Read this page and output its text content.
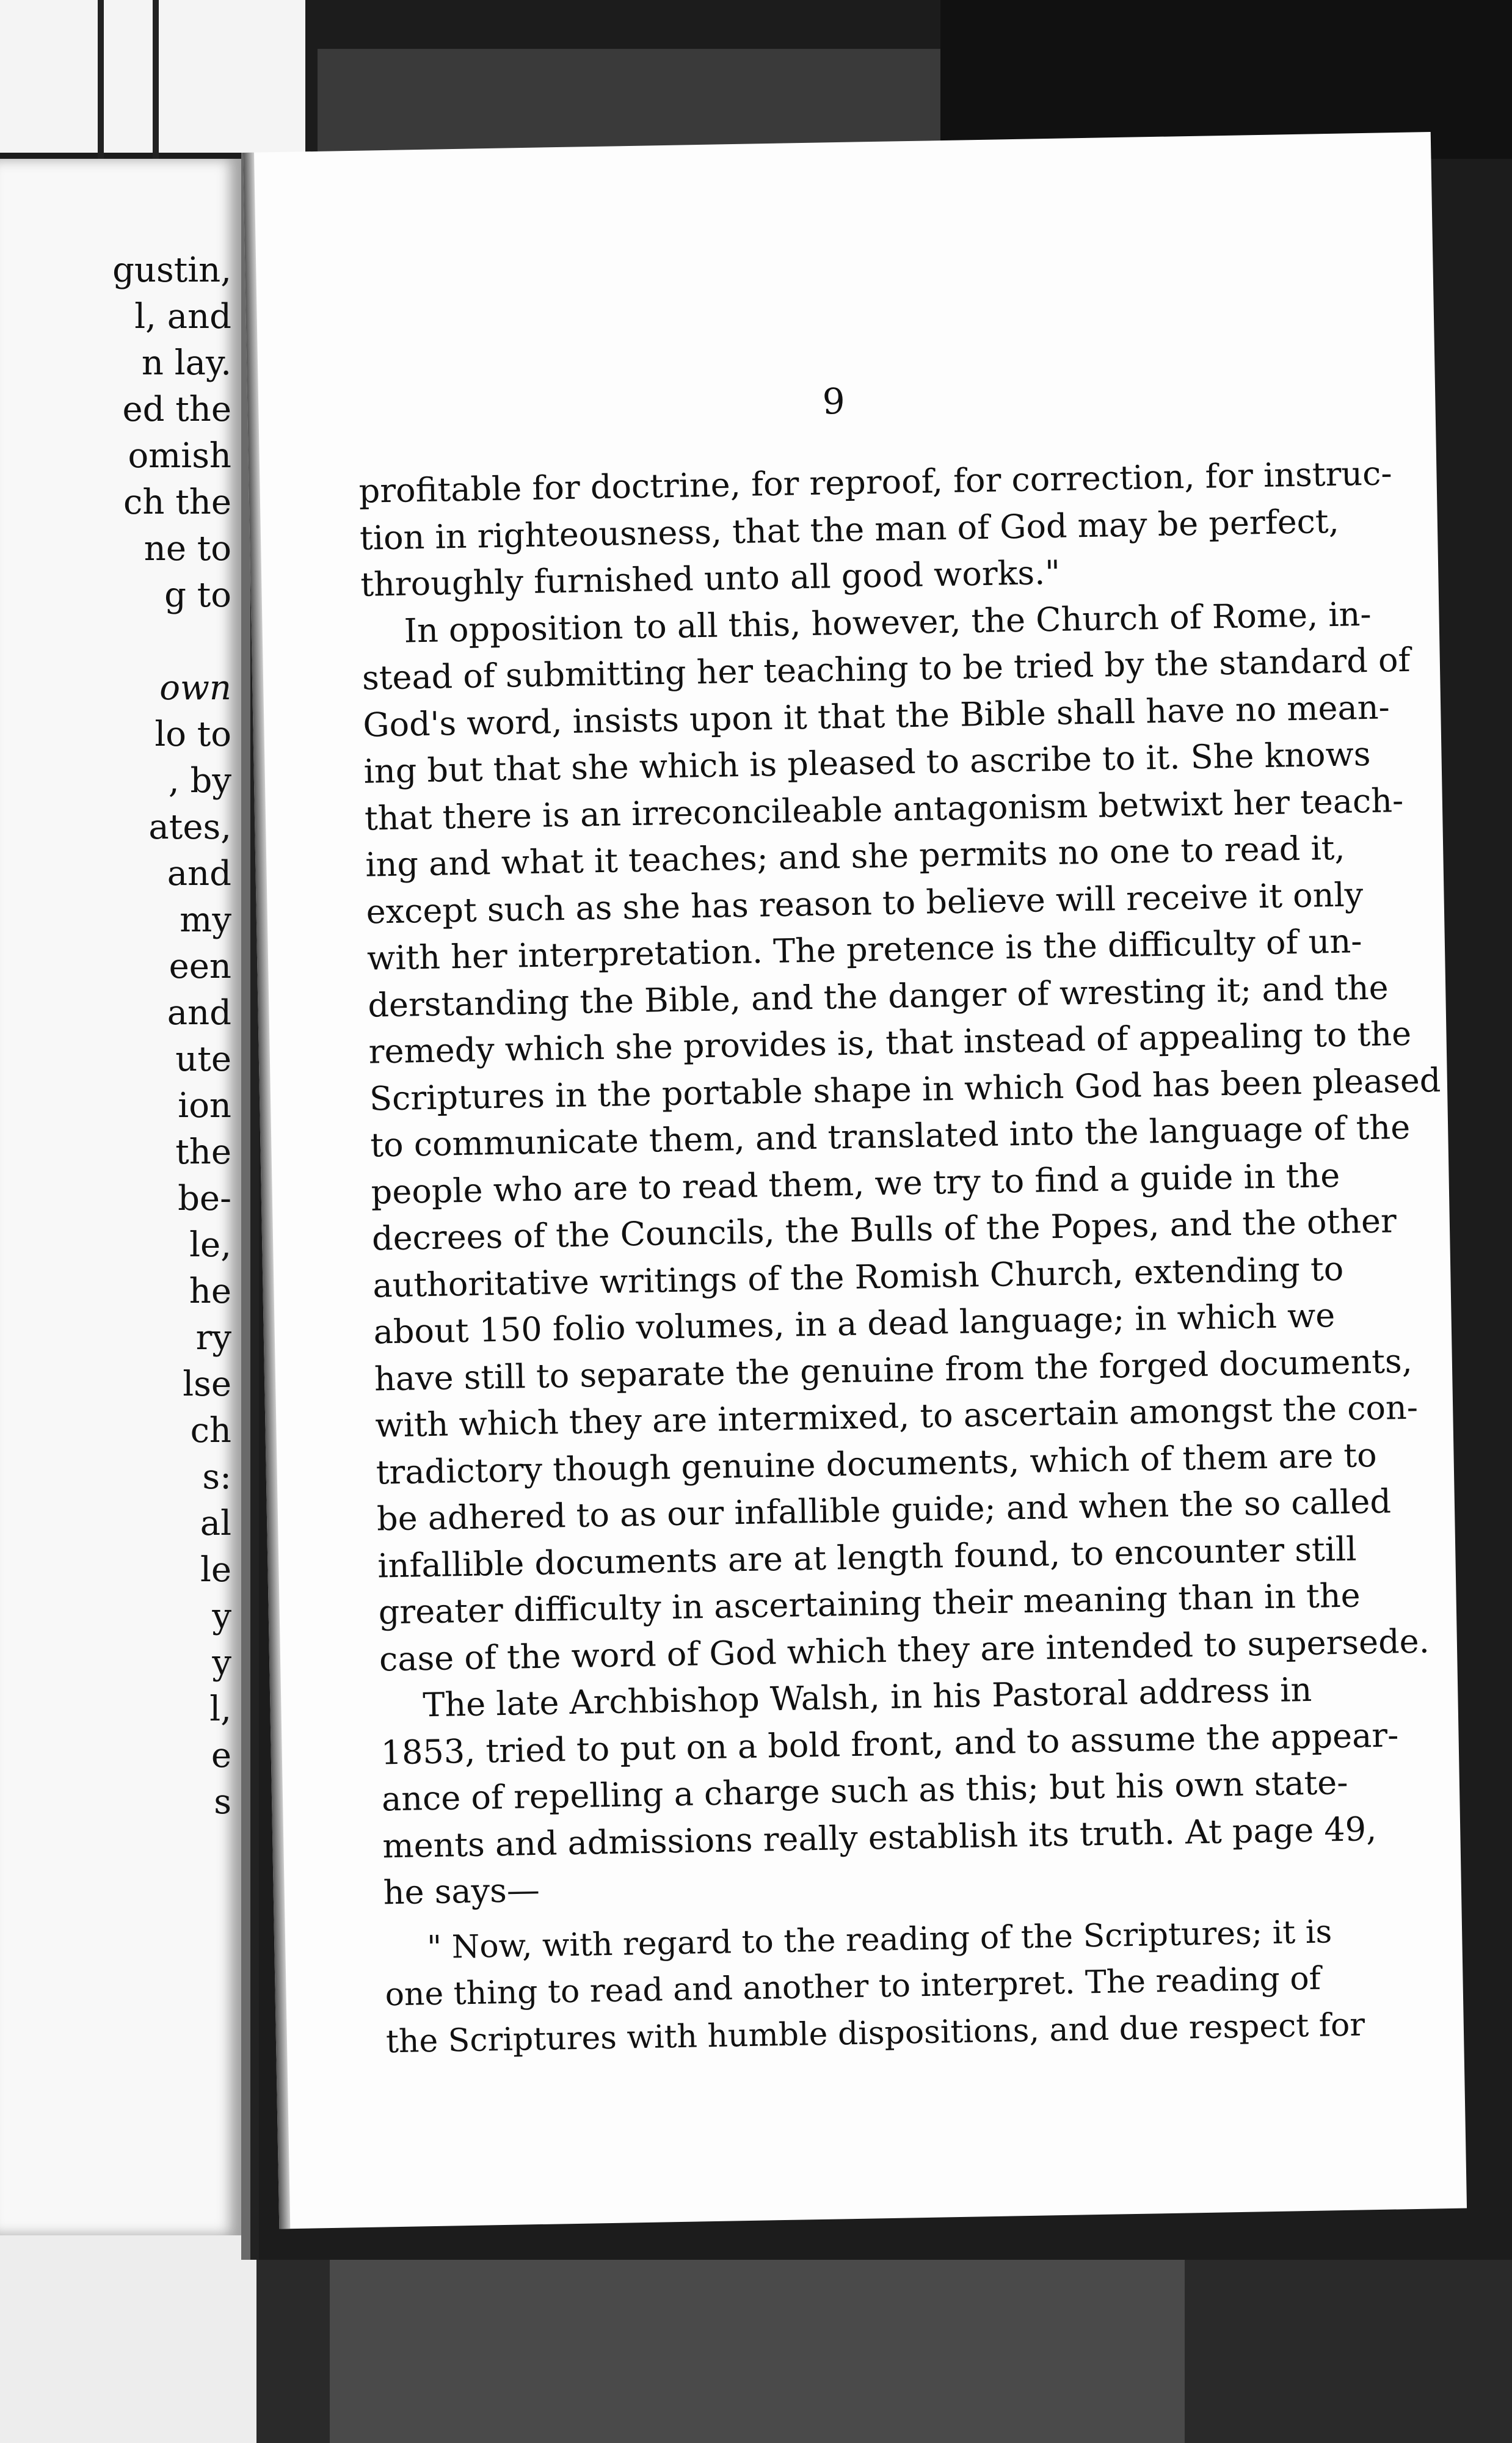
gustin,
l, and
n lay.
ed the
omish
ch the
ne to
g to
own
lo to
, by
ates,
and
my
een
and
ute
ion
the
be-
le,
he
ry
lse
ch
s:
al
le
y
y
l,
e
s
9
profitable for doctrine, for reproof, for correction, for instruc-
tion in righteousness, that the man of God may be perfect,
throughly furnished unto all good works."
In opposition to all this, however, the Church of Rome, in-
stead of submitting her teaching to be tried by the standard of
God's word, insists upon it that the Bible shall have no mean-
ing but that she which is pleased to ascribe to it. She knows
that there is an irreconcileable antagonism betwixt her teach-
ing and what it teaches; and she permits no one to read it,
except such as she has reason to believe will receive it only
with her interpretation. The pretence is the difficulty of un-
derstanding the Bible, and the danger of wresting it; and the
remedy which she provides is, that instead of appealing to the
Scriptures in the portable shape in which God has been pleased
to communicate them, and translated into the language of the
people who are to read them, we try to find a guide in the
decrees of the Councils, the Bulls of the Popes, and the other
authoritative writings of the Romish Church, extending to
about 150 folio volumes, in a dead language; in which we
have still to separate the genuine from the forged documents,
with which they are intermixed, to ascertain amongst the con-
tradictory though genuine documents, which of them are to
be adhered to as our infallible guide; and when the so called
infallible documents are at length found, to encounter still
greater difficulty in ascertaining their meaning than in the
case of the word of God which they are intended to supersede.
The late Archbishop Walsh, in his Pastoral address in
1853, tried to put on a bold front, and to assume the appear-
ance of repelling a charge such as this; but his own state-
ments and admissions really establish its truth. At page 49,
he says—
" Now, with regard to the reading of the Scriptures; it is
one thing to read and another to interpret. The reading of
the Scriptures with humble dispositions, and due respect for
